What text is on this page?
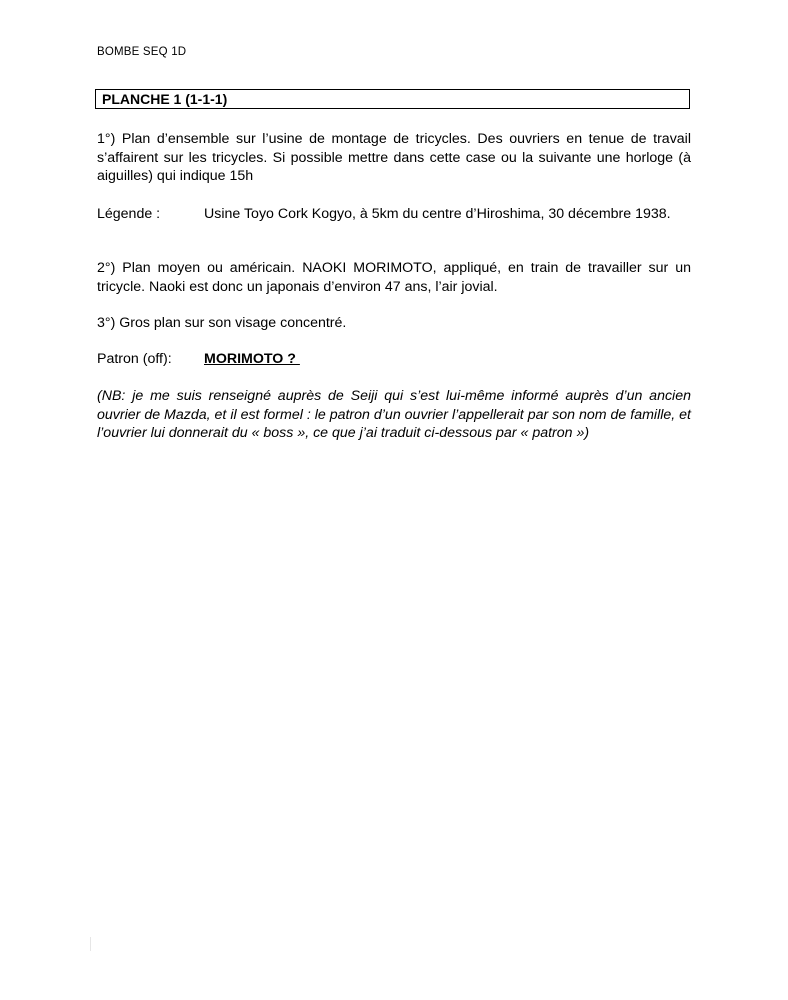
BOMBE SEQ 1D
PLANCHE 1 (1-1-1)

1°) Plan d’ensemble sur l’usine de montage de tricycles. Des ouvriers en tenue de travail s’affairent sur les tricycles. Si possible mettre dans cette case ou la suivante une horloge (à aiguilles) qui indique 15h

Légende :	Usine Toyo Cork Kogyo, à 5km du centre d’Hiroshima, 30 décembre 1938.

2°) Plan moyen ou américain. NAOKI MORIMOTO, appliqué, en train de travailler sur un tricycle. Naoki est donc un japonais d’environ 47 ans, l’air jovial.

3°) Gros plan sur son visage concentré.

Patron (off): MORIMOTO ?

(NB: je me suis renseigné auprès de Seiji qui s’est lui-même informé auprès d’un ancien ouvrier de Mazda, et il est formel : le patron d’un ouvrier l’appellerait par son nom de famille, et l’ouvrier lui donnerait du « boss », ce que j’ai traduit ci-dessous par « patron »)
